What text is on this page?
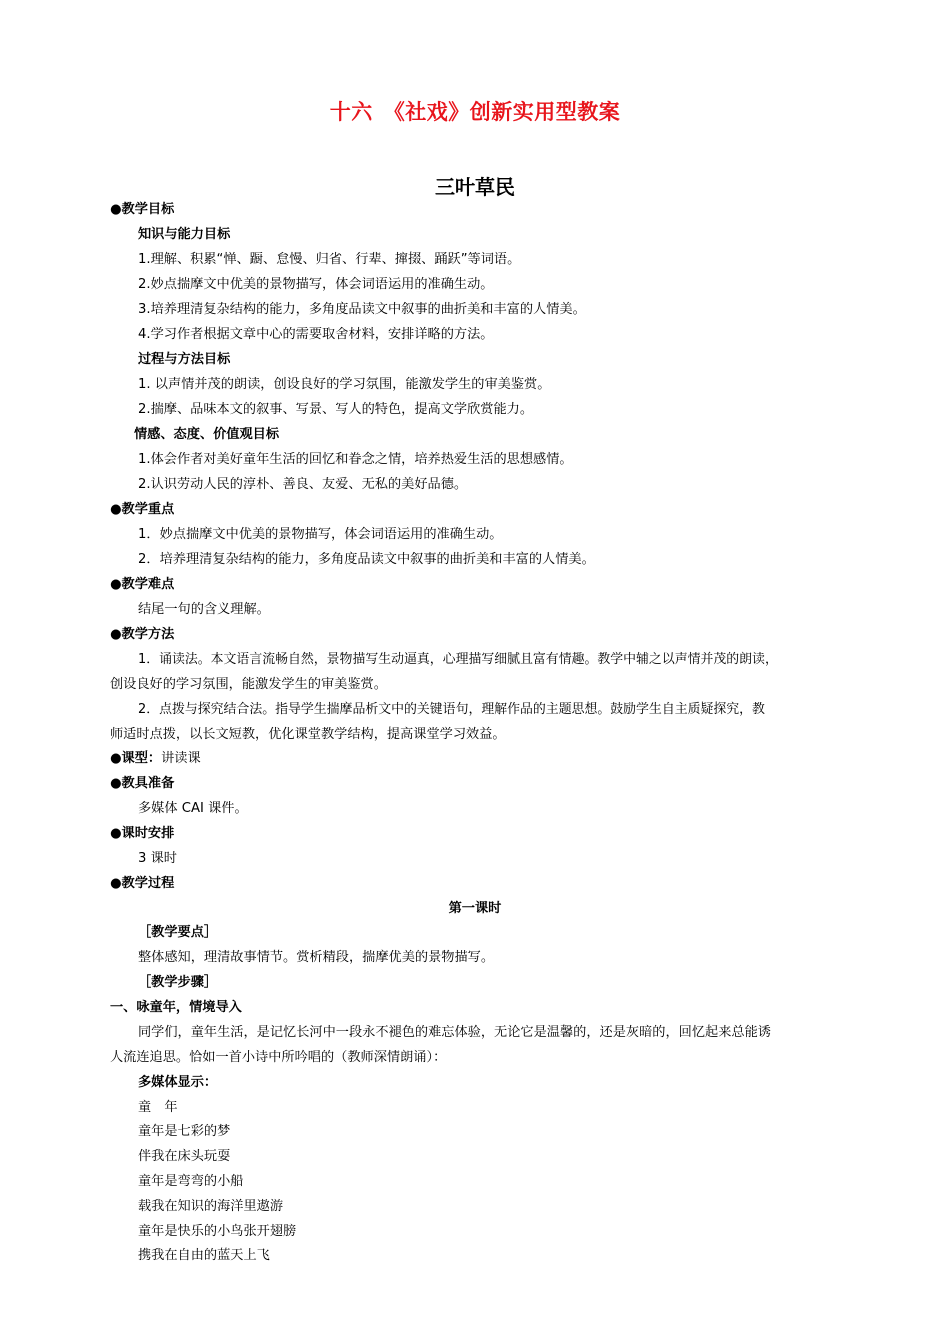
十六　《社戏》创新实用型教案
三叶草民
●教学目标
知识与能力目标
1.理解、积累“惮、蹰、怠慢、归省、行辈、撺掇、踊跃”等词语。
2.妙点揣摩文中优美的景物描写，体会词语运用的准确生动。
3.培养理清复杂结构的能力，多角度品读文中叙事的曲折美和丰富的人情美。
4.学习作者根据文章中心的需要取舍材料，安排详略的方法。
过程与方法目标
1. 以声情并茂的朗读，创设良好的学习氛围，能激发学生的审美鉴赏。
2.揣摩、品味本文的叙事、写景、写人的特色，提高文学欣赏能力。
情感、态度、价值观目标
1.体会作者对美好童年生活的回忆和眷念之情，培养热爱生活的思想感情。
2.认识劳动人民的淳朴、善良、友爱、无私的美好品德。
●教学重点
1．妙点揣摩文中优美的景物描写，体会词语运用的准确生动。
2．培养理清复杂结构的能力，多角度品读文中叙事的曲折美和丰富的人情美。
●教学难点
结尾一句的含义理解。
●教学方法
1．诵读法。本文语言流畅自然，景物描写生动逼真，心理描写细腻且富有情趣。教学中辅之以声情并茂的朗读，
创设良好的学习氛围，能激发学生的审美鉴赏。
2．点拨与探究结合法。指导学生揣摩品析文中的关键语句，理解作品的主题思想。鼓励学生自主质疑探究，教
师适时点拨，以长文短教，优化课堂教学结构，提高课堂学习效益。
●课型：讲读课
●教具准备
多媒体 CAI 课件。
●课时安排
3 课时
●教学过程
第一课时
［教学要点］
整体感知，理清故事情节。赏析精段，揣摩优美的景物描写。
［教学步骤］
一、咏童年，情境导入
同学们，童年生活，是记忆长河中一段永不褪色的难忘体验，无论它是温馨的，还是灰暗的，回忆起来总能诱
人流连追思。恰如一首小诗中所吟唱的（教师深情朗诵）：
多媒体显示：
童　年
童年是七彩的梦
伴我在床头玩耍
童年是弯弯的小船
载我在知识的海洋里遨游
童年是快乐的小鸟张开翅膀
携我在自由的蓝天上飞
